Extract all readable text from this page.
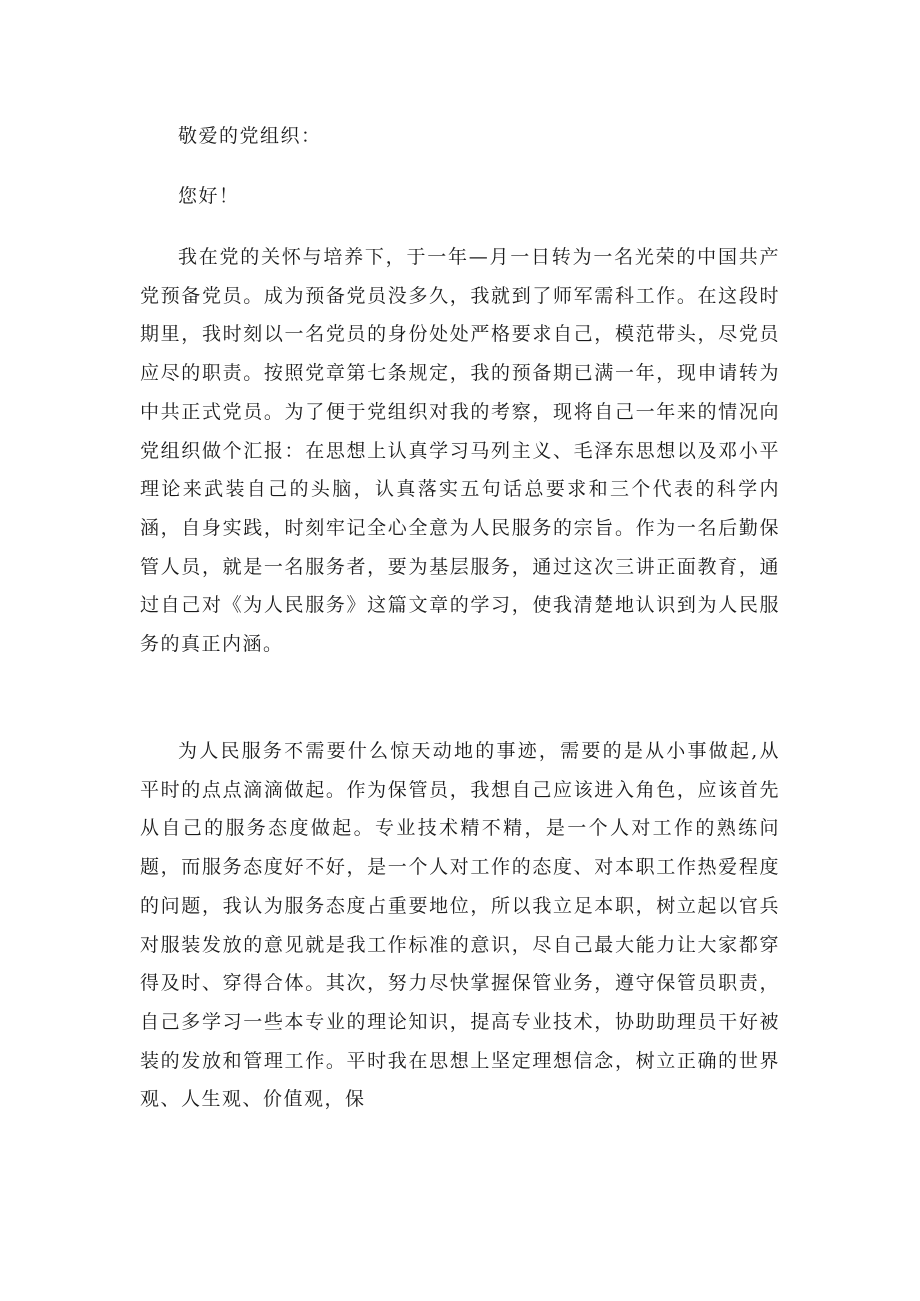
敬爱的党组织：
您好！
我在党的关怀与培养下，于一年—月一日转为一名光荣的中国共产党预备党员。成为预备党员没多久，我就到了师军需科工作。在这段时期里，我时刻以一名党员的身份处处严格要求自己，模范带头，尽党员应尽的职责。按照党章第七条规定，我的预备期已满一年，现申请转为中共正式党员。为了便于党组织对我的考察，现将自己一年来的情况向党组织做个汇报：在思想上认真学习马列主义、毛泽东思想以及邓小平理论来武装自己的头脑，认真落实五句话总要求和三个代表的科学内涵，自身实践，时刻牢记全心全意为人民服务的宗旨。作为一名后勤保管人员，就是一名服务者，要为基层服务，通过这次三讲正面教育，通过自己对《为人民服务》这篇文章的学习，使我清楚地认识到为人民服务的真正内涵。
为人民服务不需要什么惊天动地的事迹，需要的是从小事做起,从平时的点点滴滴做起。作为保管员，我想自己应该进入角色，应该首先从自己的服务态度做起。专业技术精不精，是一个人对工作的熟练问题，而服务态度好不好，是一个人对工作的态度、对本职工作热爱程度的问题，我认为服务态度占重要地位，所以我立足本职，树立起以官兵对服装发放的意见就是我工作标准的意识，尽自己最大能力让大家都穿得及时、穿得合体。其次，努力尽快掌握保管业务，遵守保管员职责，自己多学习一些本专业的理论知识，提高专业技术，协助助理员干好被装的发放和管理工作。平时我在思想上坚定理想信念，树立正确的世界观、人生观、价值观，保
